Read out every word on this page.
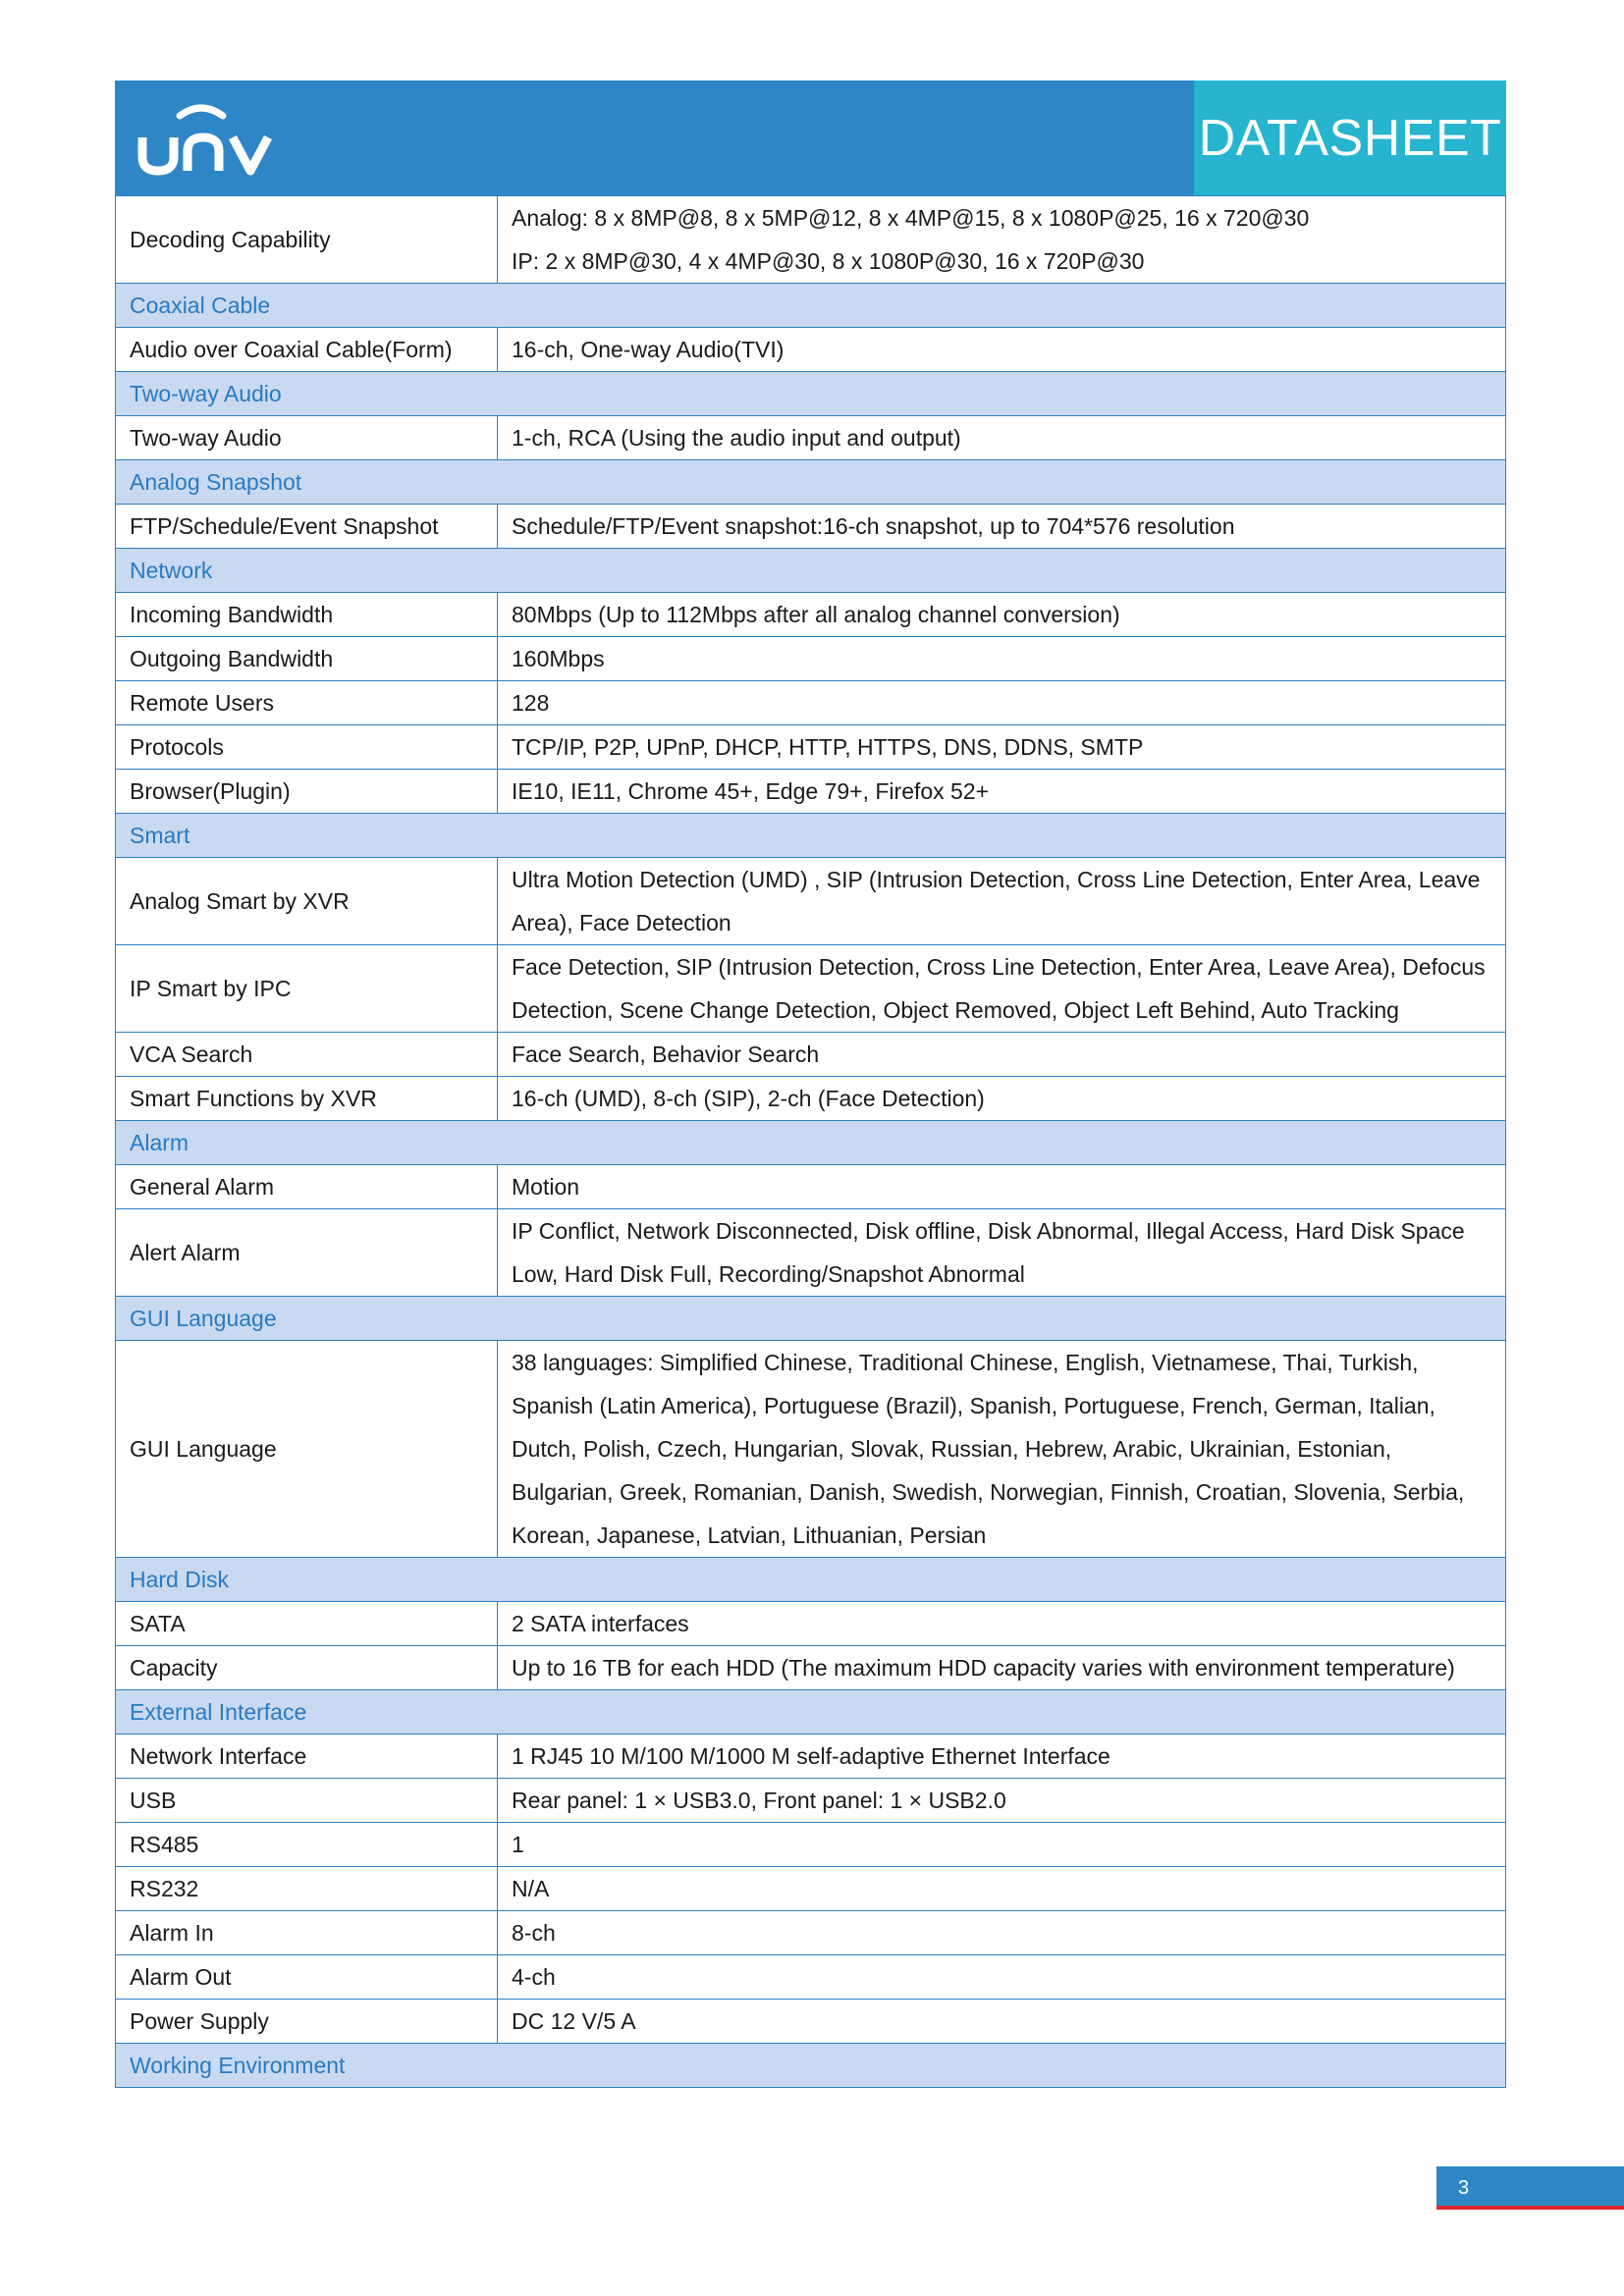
DATASHEET
Decoding Capability	Analog: 8 x 8MP@8, 8 x 5MP@12, 8 x 4MP@15, 8 x 1080P@25, 16 x 720@30
IP: 2 x 8MP@30, 4 x 4MP@30, 8 x 1080P@30, 16 x 720P@30

Coaxial Cable	
Audio over Coaxial Cable(Form)	16-ch, One-way Audio(TVI)

Two-way Audio	
Two-way Audio	1-ch, RCA (Using the audio input and output)

Analog Snapshot	
FTP/Schedule/Event Snapshot	Schedule/FTP/Event snapshot:16-ch snapshot, up to 704*576 resolution

Network	
Incoming Bandwidth	80Mbps (Up to 112Mbps after all analog channel conversion)

Outgoing Bandwidth	160Mbps

Remote Users	128

Protocols	TCP/IP, P2P, UPnP, DHCP, HTTP, HTTPS, DNS, DDNS, SMTP

Browser(Plugin)	IE10, IE11, Chrome 45+, Edge 79+, Firefox 52+

Smart	
Analog Smart by XVR	Ultra Motion Detection (UMD) , SIP (Intrusion Detection, Cross Line Detection, Enter Area, Leave
Area), Face Detection

IP Smart by IPC	Face Detection, SIP (Intrusion Detection, Cross Line Detection, Enter Area, Leave Area), Defocus
Detection, Scene Change Detection, Object Removed, Object Left Behind, Auto Tracking

VCA Search	Face Search, Behavior Search

Smart Functions by XVR	16-ch (UMD), 8-ch (SIP), 2-ch (Face Detection)

Alarm	
General Alarm	Motion

Alert Alarm	IP Conflict, Network Disconnected, Disk offline, Disk Abnormal, Illegal Access, Hard Disk Space
Low, Hard Disk Full, Recording/Snapshot Abnormal

GUI Language	
GUI Language	38 languages: Simplified Chinese, Traditional Chinese, English, Vietnamese, Thai, Turkish,
Spanish (Latin America), Portuguese (Brazil), Spanish, Portuguese, French, German, Italian,
Dutch, Polish, Czech, Hungarian, Slovak, Russian, Hebrew, Arabic, Ukrainian, Estonian,
Bulgarian, Greek, Romanian, Danish, Swedish, Norwegian, Finnish, Croatian, Slovenia, Serbia,
Korean, Japanese, Latvian, Lithuanian, Persian

Hard Disk	
SATA	2 SATA interfaces

Capacity	Up to 16 TB for each HDD (The maximum HDD capacity varies with environment temperature)

External Interface	
Network Interface	1 RJ45 10 M/100 M/1000 M self-adaptive Ethernet Interface

USB	Rear panel: 1 × USB3.0, Front panel: 1 × USB2.0

RS485	1

RS232	N/A

Alarm In	8-ch

Alarm Out	4-ch

Power Supply	DC 12 V/5 A

Working Environment	
3
